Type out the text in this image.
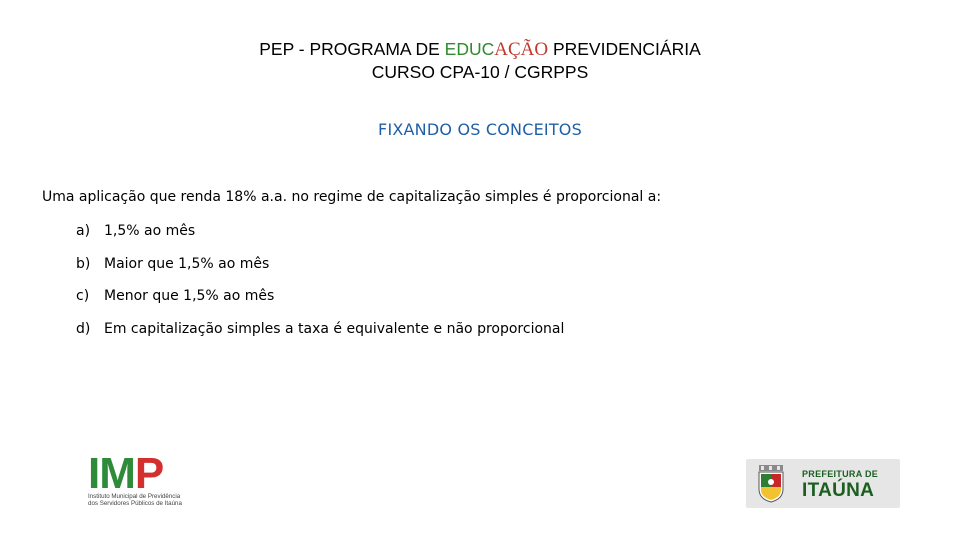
PEP - PROGRAMA DE EDUCAÇÃO PREVIDENCIÁRIA
CURSO CPA-10 / CGRPPS
FIXANDO OS CONCEITOS
Uma aplicação que renda 18% a.a. no regime de capitalização simples é proporcional a:
a) 1,5% ao mês
b) Maior que 1,5% ao mês
c) Menor que 1,5% ao mês
d) Em capitalização simples a taxa é equivalente e não proporcional
I M P
Instituto Municipal de Previdência
dos Servidores Públicos de Itaúna
PREFEITURA DE
ITAÚNA
